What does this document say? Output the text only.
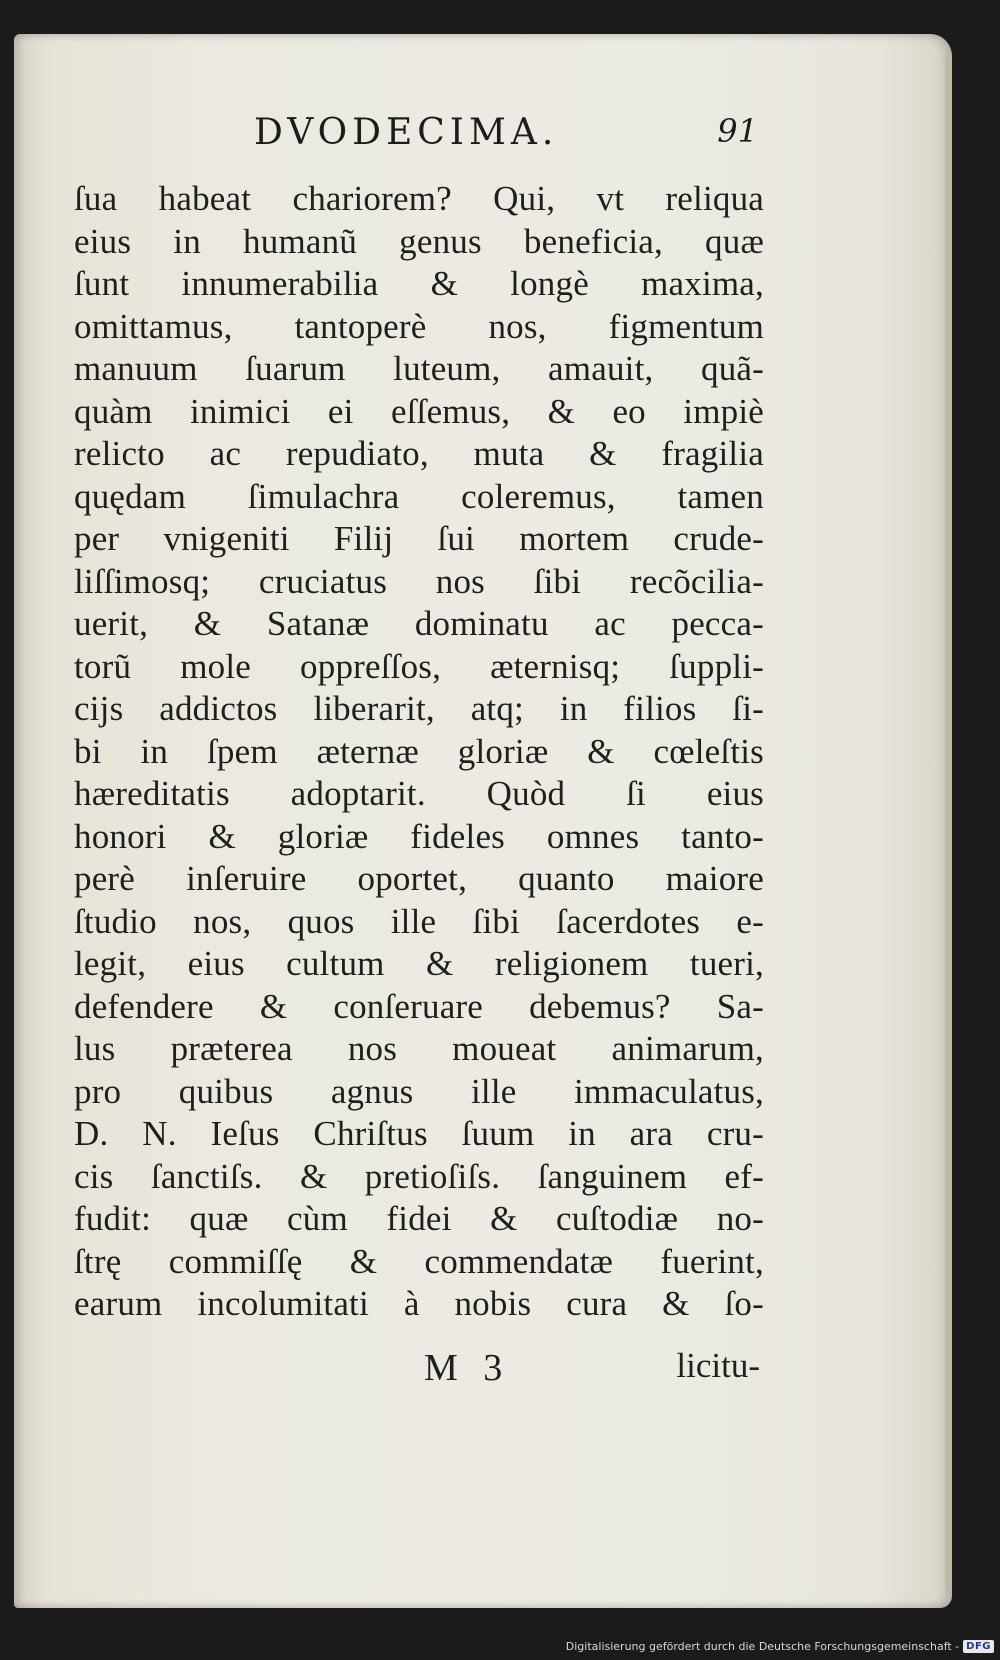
DVODECIMA.	91
ſua habeat chariorem? Qui, vt reliqua
eius in humanũ genus beneficia, quæ
ſunt innumerabilia & longè maxima,
omittamus, tantoperè nos, figmentum
manuum ſuarum luteum, amauit, quã-
quàm inimici ei eſſemus, & eo impiè
relicto ac repudiato, muta & fragilia
quędam ſimulachra coleremus, tamen
per vnigeniti Filij ſui mortem crude-
liſſimosq; cruciatus nos ſibi recõcilia-
uerit, & Satanæ dominatu ac pecca-
torũ mole oppreſſos, æternisq; ſuppli-
cijs addictos liberarit, atq; in filios ſi-
bi in ſpem æternæ gloriæ & cœleſtis
hæreditatis adoptarit. Quòd ſi eius
honori & gloriæ fideles omnes tanto-
perè inſeruire oportet, quanto maiore
ſtudio nos, quos ille ſibi ſacerdotes e-
legit, eius cultum & religionem tueri,
defendere & conſeruare debemus? Sa-
lus præterea nos moueat animarum,
pro quibus agnus ille immaculatus,
D. N. Ieſus Chriſtus ſuum in ara cru-
cis ſanctiſs. & pretioſiſs. ſanguinem ef-
fudit: quæ cùm fidei & cuſtodiæ no-
ſtrę commiſſę & commendatæ fuerint,
earum incolumitati à nobis cura & ſo-
M 3	licitu-
Digitalisierung gefördert durch die Deutsche Forschungsgemeinschaft - DFG
